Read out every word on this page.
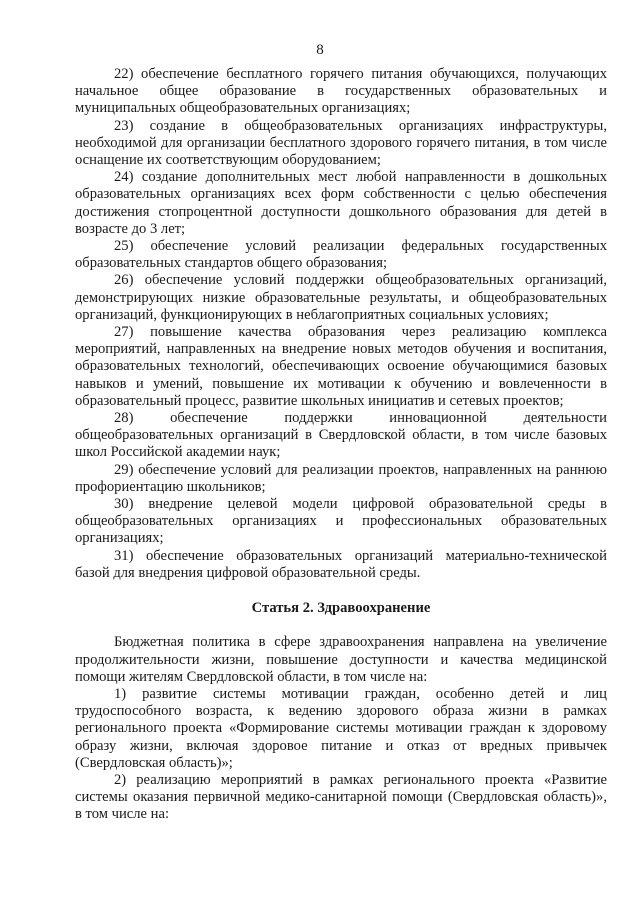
8

22) обеспечение бесплатного горячего питания обучающихся, получающих начальное общее образование в государственных образовательных и муниципальных общеобразовательных организациях;

23) создание в общеобразовательных организациях инфраструктуры, необходимой для организации бесплатного здорового горячего питания, в том числе оснащение их соответствующим оборудованием;

24) создание дополнительных мест любой направленности в дошкольных образовательных организациях всех форм собственности с целью обеспечения достижения стопроцентной доступности дошкольного образования для детей в возрасте до 3 лет;

25) обеспечение условий реализации федеральных государственных образовательных стандартов общего образования;

26) обеспечение условий поддержки общеобразовательных организаций, демонстрирующих низкие образовательные результаты, и общеобразовательных организаций, функционирующих в неблагоприятных социальных условиях;

27) повышение качества образования через реализацию комплекса мероприятий, направленных на внедрение новых методов обучения и воспитания, образовательных технологий, обеспечивающих освоение обучающимися базовых навыков и умений, повышение их мотивации к обучению и вовлеченности в образовательный процесс, развитие школьных инициатив и сетевых проектов;

28) обеспечение поддержки инновационной деятельности общеобразовательных организаций в Свердловской области, в том числе базовых школ Российской академии наук;

29) обеспечение условий для реализации проектов, направленных на раннюю профориентацию школьников;

30) внедрение целевой модели цифровой образовательной среды в общеобразовательных организациях и профессиональных образовательных организациях;

31) обеспечение образовательных организаций материально-технической базой для внедрения цифровой образовательной среды.

Статья 2. Здравоохранение

Бюджетная политика в сфере здравоохранения направлена на увеличение продолжительности жизни, повышение доступности и качества медицинской помощи жителям Свердловской области, в том числе на:

1) развитие системы мотивации граждан, особенно детей и лиц трудоспособного возраста, к ведению здорового образа жизни в рамках регионального проекта «Формирование системы мотивации граждан к здоровому образу жизни, включая здоровое питание и отказ от вредных привычек (Свердловская область)»;

2) реализацию мероприятий в рамках регионального проекта «Развитие системы оказания первичной медико-санитарной помощи (Свердловская область)», в том числе на:
